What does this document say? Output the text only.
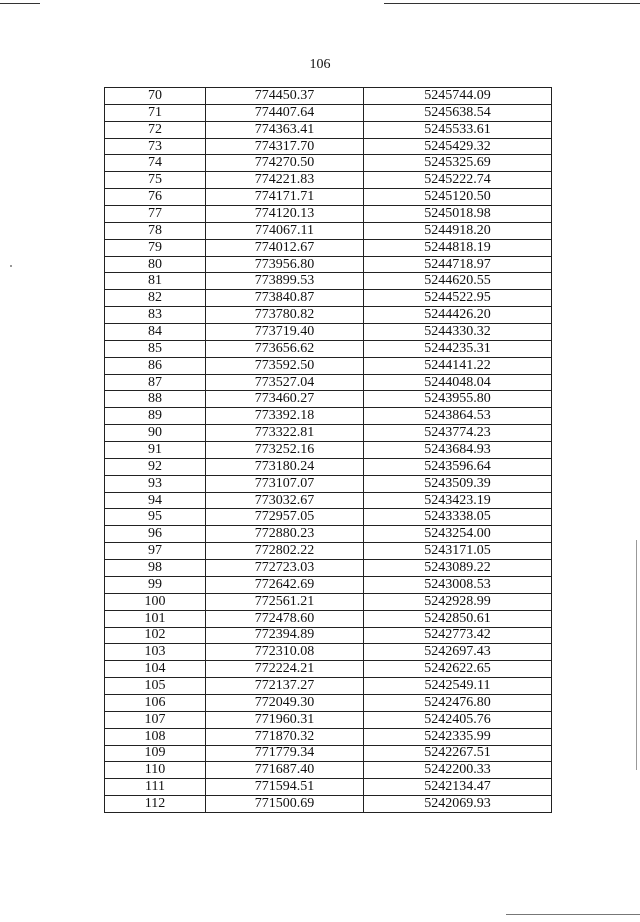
106
70	774450.37	5245744.09
71	774407.64	5245638.54
72	774363.41	5245533.61
73	774317.70	5245429.32
74	774270.50	5245325.69
75	774221.83	5245222.74
76	774171.71	5245120.50
77	774120.13	5245018.98
78	774067.11	5244918.20
79	774012.67	5244818.19
80	773956.80	5244718.97
81	773899.53	5244620.55
82	773840.87	5244522.95
83	773780.82	5244426.20
84	773719.40	5244330.32
85	773656.62	5244235.31
86	773592.50	5244141.22
87	773527.04	5244048.04
88	773460.27	5243955.80
89	773392.18	5243864.53
90	773322.81	5243774.23
91	773252.16	5243684.93
92	773180.24	5243596.64
93	773107.07	5243509.39
94	773032.67	5243423.19
95	772957.05	5243338.05
96	772880.23	5243254.00
97	772802.22	5243171.05
98	772723.03	5243089.22
99	772642.69	5243008.53
100	772561.21	5242928.99
101	772478.60	5242850.61
102	772394.89	5242773.42
103	772310.08	5242697.43
104	772224.21	5242622.65
105	772137.27	5242549.11
106	772049.30	5242476.80
107	771960.31	5242405.76
108	771870.32	5242335.99
109	771779.34	5242267.51
110	771687.40	5242200.33
111	771594.51	5242134.47
112	771500.69	5242069.93
